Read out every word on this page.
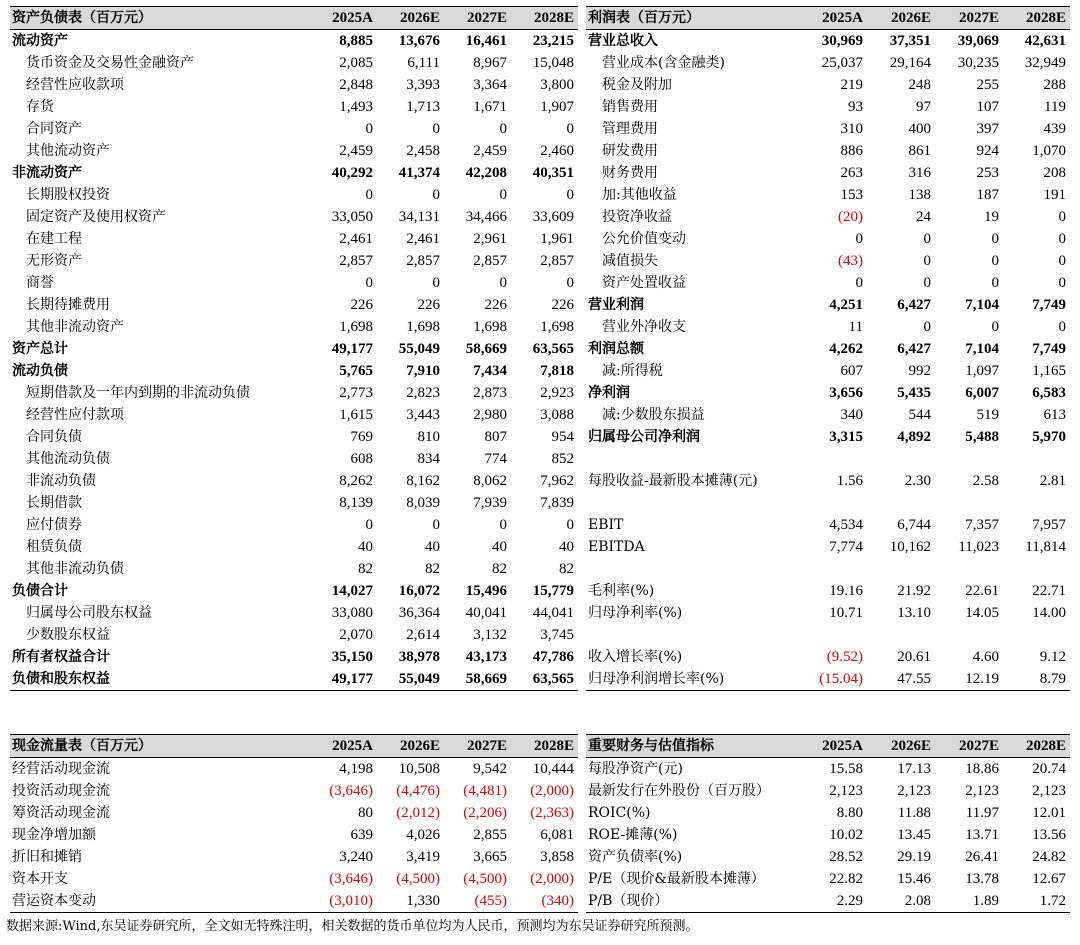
资产负债表（百万元）	2025A	2026E	2027E	2028E
流动资产	8,885	13,676	16,461	23,215
货币资金及交易性金融资产	2,085	6,111	8,967	15,048
经营性应收款项	2,848	3,393	3,364	3,800
存货	1,493	1,713	1,671	1,907
合同资产	0	0	0	0
其他流动资产	2,459	2,458	2,459	2,460
非流动资产	40,292	41,374	42,208	40,351
长期股权投资	0	0	0	0
固定资产及使用权资产	33,050	34,131	34,466	33,609
在建工程	2,461	2,461	2,961	1,961
无形资产	2,857	2,857	2,857	2,857
商誉	0	0	0	0
长期待摊费用	226	226	226	226
其他非流动资产	1,698	1,698	1,698	1,698
资产总计	49,177	55,049	58,669	63,565
流动负债	5,765	7,910	7,434	7,818
短期借款及一年内到期的非流动负债	2,773	2,823	2,873	2,923
经营性应付款项	1,615	3,443	2,980	3,088
合同负债	769	810	807	954
其他流动负债	608	834	774	852
非流动负债	8,262	8,162	8,062	7,962
长期借款	8,139	8,039	7,939	7,839
应付债券	0	0	0	0
租赁负债	40	40	40	40
其他非流动负债	82	82	82	82
负债合计	14,027	16,072	15,496	15,779
归属母公司股东权益	33,080	36,364	40,041	44,041
少数股东权益	2,070	2,614	3,132	3,745
所有者权益合计	35,150	38,978	43,173	47,786
负债和股东权益	49,177	55,049	58,669	63,565
利润表（百万元）	2025A	2026E	2027E	2028E
营业总收入	30,969	37,351	39,069	42,631
营业成本(含金融类)	25,037	29,164	30,235	32,949
税金及附加	219	248	255	288
销售费用	93	97	107	119
管理费用	310	400	397	439
研发费用	886	861	924	1,070
财务费用	263	316	253	208
加:其他收益	153	138	187	191
投资净收益	(20)	24	19	0
公允价值变动	0	0	0	0
减值损失	(43)	0	0	0
资产处置收益	0	0	0	0
营业利润	4,251	6,427	7,104	7,749
营业外净收支	11	0	0	0
利润总额	4,262	6,427	7,104	7,749
减:所得税	607	992	1,097	1,165
净利润	3,656	5,435	6,007	6,583
减:少数股东损益	340	544	519	613
归属母公司净利润	3,315	4,892	5,488	5,970

每股收益-最新股本摊薄(元)	1.56	2.30	2.58	2.81

EBIT	4,534	6,744	7,357	7,957
EBITDA	7,774	10,162	11,023	11,814

毛利率(%)	19.16	21.92	22.61	22.71
归母净利率(%)	10.71	13.10	14.05	14.00

收入增长率(%)	(9.52)	20.61	4.60	9.12
归母净利润增长率(%)	(15.04)	47.55	12.19	8.79
现金流量表（百万元）	2025A	2026E	2027E	2028E
经营活动现金流	4,198	10,508	9,542	10,444
投资活动现金流	(3,646)	(4,476)	(4,481)	(2,000)
筹资活动现金流	80	(2,012)	(2,206)	(2,363)
现金净增加额	639	4,026	2,855	6,081
折旧和摊销	3,240	3,419	3,665	3,858
资本开支	(3,646)	(4,500)	(4,500)	(2,000)
营运资本变动	(3,010)	1,330	(455)	(340)
重要财务与估值指标	2025A	2026E	2027E	2028E
每股净资产(元)	15.58	17.13	18.86	20.74
最新发行在外股份（百万股）	2,123	2,123	2,123	2,123
ROIC(%)	8.80	11.88	11.97	12.01
ROE-摊薄(%)	10.02	13.45	13.71	13.56
资产负债率(%)	28.52	29.19	26.41	24.82
P/E（现价&最新股本摊薄）	22.82	15.46	13.78	12.67
P/B（现价）	2.29	2.08	1.89	1.72
数据来源:Wind,东吴证券研究所，全文如无特殊注明，相关数据的货币单位均为人民币，预测均为东吴证券研究所预测。
